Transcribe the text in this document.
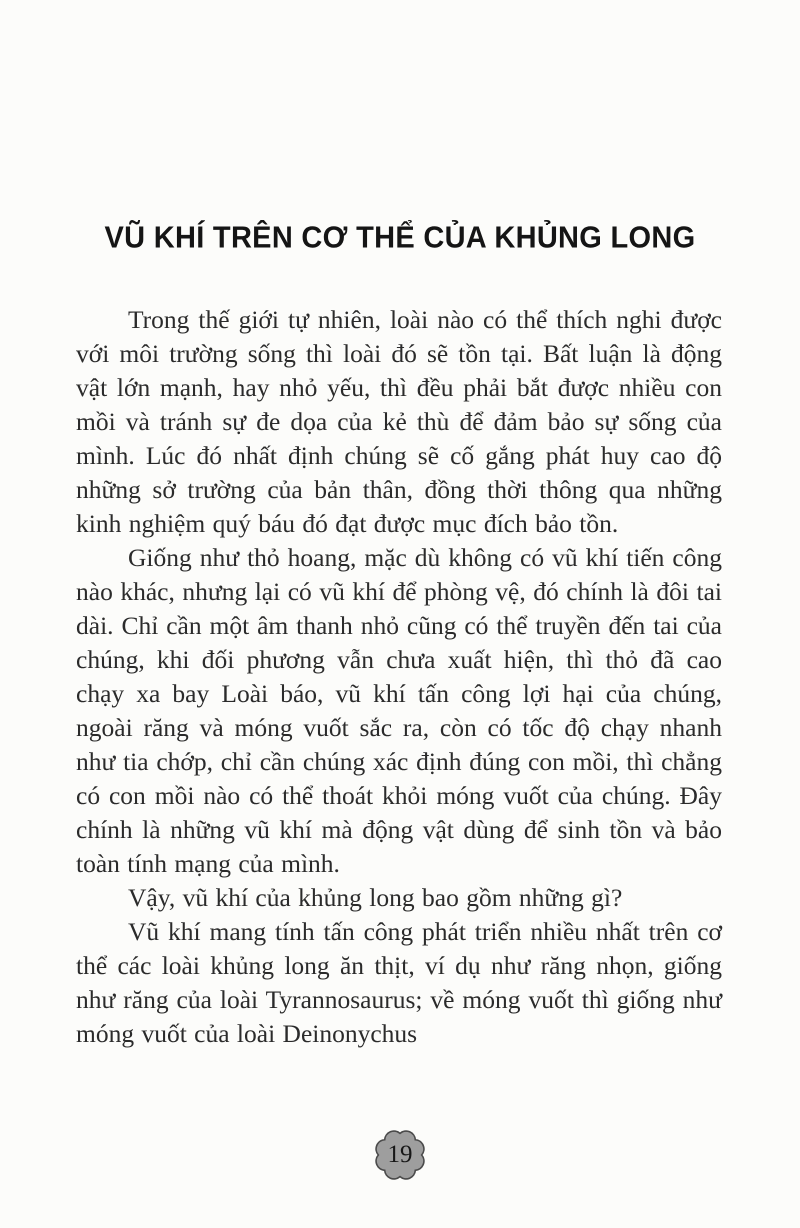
VŨ KHÍ TRÊN CƠ THỂ CỦA KHỦNG LONG

Trong thế giới tự nhiên, loài nào có thể thích nghi được với môi trường sống thì loài đó sẽ tồn tại. Bất luận là động vật lớn mạnh, hay nhỏ yếu, thì đều phải bắt được nhiều con mồi và tránh sự đe dọa của kẻ thù để đảm bảo sự sống của mình. Lúc đó nhất định chúng sẽ cố gắng phát huy cao độ những sở trường của bản thân, đồng thời thông qua những kinh nghiệm quý báu đó đạt được mục đích bảo tồn.

Giống như thỏ hoang, mặc dù không có vũ khí tiến công nào khác, nhưng lại có vũ khí để phòng vệ, đó chính là đôi tai dài. Chỉ cần một âm thanh nhỏ cũng có thể truyền đến tai của chúng, khi đối phương vẫn chưa xuất hiện, thì thỏ đã cao chạy xa bay Loài báo, vũ khí tấn công lợi hại của chúng, ngoài răng và móng vuốt sắc ra, còn có tốc độ chạy nhanh như tia chớp, chỉ cần chúng xác định đúng con mồi, thì chẳng có con mồi nào có thể thoát khỏi móng vuốt của chúng. Đây chính là những vũ khí mà động vật dùng để sinh tồn và bảo toàn tính mạng của mình.

Vậy, vũ khí của khủng long bao gồm những gì?

Vũ khí mang tính tấn công phát triển nhiều nhất trên cơ thể các loài khủng long ăn thịt, ví dụ như răng nhọn, giống như răng của loài Tyrannosaurus; về móng vuốt thì giống như móng vuốt của loài Deinonychus

19
